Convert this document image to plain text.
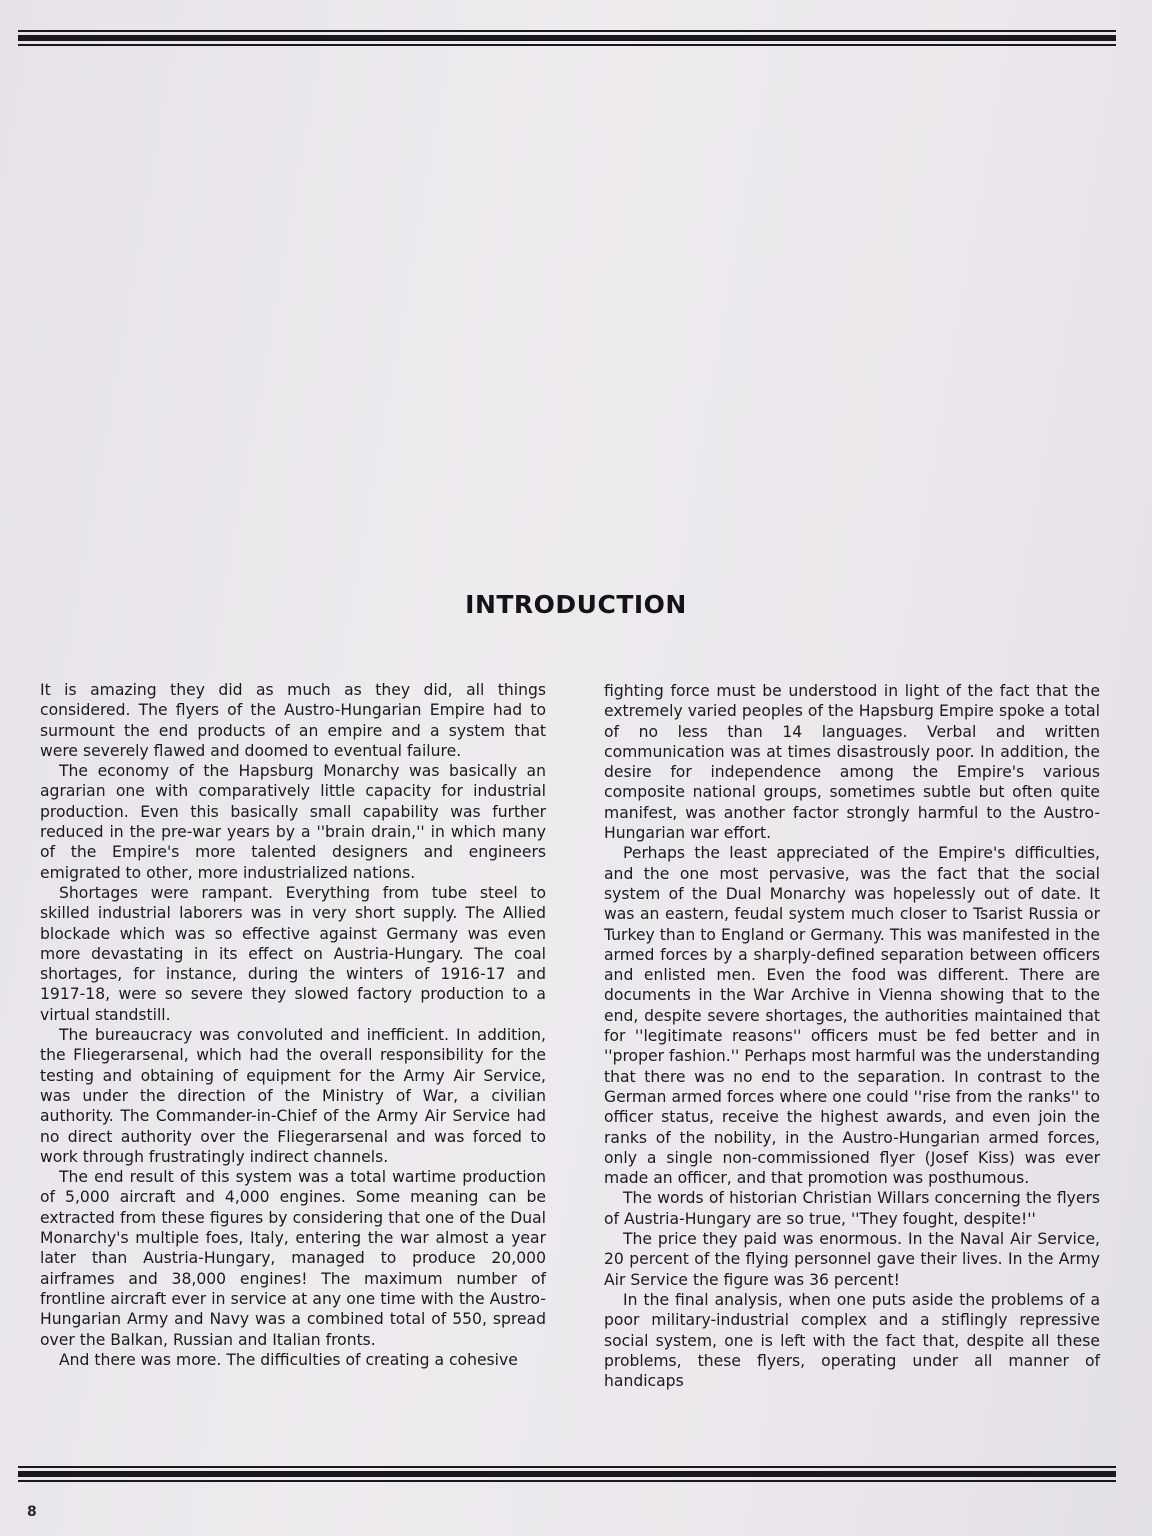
INTRODUCTION

It is amazing they did as much as they did, all things considered. The flyers of the Austro-Hungarian Empire had to surmount the end products of an empire and a system that were severely flawed and doomed to eventual failure.

The economy of the Hapsburg Monarchy was basically an agrarian one with comparatively little capacity for industrial production. Even this basically small capability was further reduced in the pre-war years by a ''brain drain,'' in which many of the Empire's more talented designers and engineers emigrated to other, more industrialized nations.

Shortages were rampant. Everything from tube steel to skilled industrial laborers was in very short supply. The Allied blockade which was so effective against Germany was even more devastating in its effect on Austria-Hungary. The coal shortages, for instance, during the winters of 1916-17 and 1917-18, were so severe they slowed factory production to a virtual standstill.

The bureaucracy was convoluted and inefficient. In addition, the Fliegerarsenal, which had the overall responsibility for the testing and obtaining of equipment for the Army Air Service, was under the direction of the Ministry of War, a civilian authority. The Commander-in-Chief of the Army Air Service had no direct authority over the Fliegerarsenal and was forced to work through frustratingly indirect channels.

The end result of this system was a total wartime production of 5,000 aircraft and 4,000 engines. Some meaning can be extracted from these figures by considering that one of the Dual Monarchy's multiple foes, Italy, entering the war almost a year later than Austria-Hungary, managed to produce 20,000 airframes and 38,000 engines! The maximum number of frontline aircraft ever in service at any one time with the Austro-Hungarian Army and Navy was a combined total of 550, spread over the Balkan, Russian and Italian fronts.

And there was more. The difficulties of creating a cohesive

fighting force must be understood in light of the fact that the extremely varied peoples of the Hapsburg Empire spoke a total of no less than 14 languages. Verbal and written communication was at times disastrously poor. In addition, the desire for independence among the Empire's various composite national groups, sometimes subtle but often quite manifest, was another factor strongly harmful to the Austro-Hungarian war effort.

Perhaps the least appreciated of the Empire's difficulties, and the one most pervasive, was the fact that the social system of the Dual Monarchy was hopelessly out of date. It was an eastern, feudal system much closer to Tsarist Russia or Turkey than to England or Germany. This was manifested in the armed forces by a sharply-defined separation between officers and enlisted men. Even the food was different. There are documents in the War Archive in Vienna showing that to the end, despite severe shortages, the authorities maintained that for ''legitimate reasons'' officers must be fed better and in ''proper fashion.'' Perhaps most harmful was the understanding that there was no end to the separation. In contrast to the German armed forces where one could ''rise from the ranks'' to officer status, receive the highest awards, and even join the ranks of the nobility, in the Austro-Hungarian armed forces, only a single non-commissioned flyer (Josef Kiss) was ever made an officer, and that promotion was posthumous.

The words of historian Christian Willars concerning the flyers of Austria-Hungary are so true, ''They fought, despite!''

The price they paid was enormous. In the Naval Air Service, 20 percent of the flying personnel gave their lives. In the Army Air Service the figure was 36 percent!

In the final analysis, when one puts aside the problems of a poor military-industrial complex and a stiflingly repressive social system, one is left with the fact that, despite all these problems, these flyers, operating under all manner of handicaps

8
